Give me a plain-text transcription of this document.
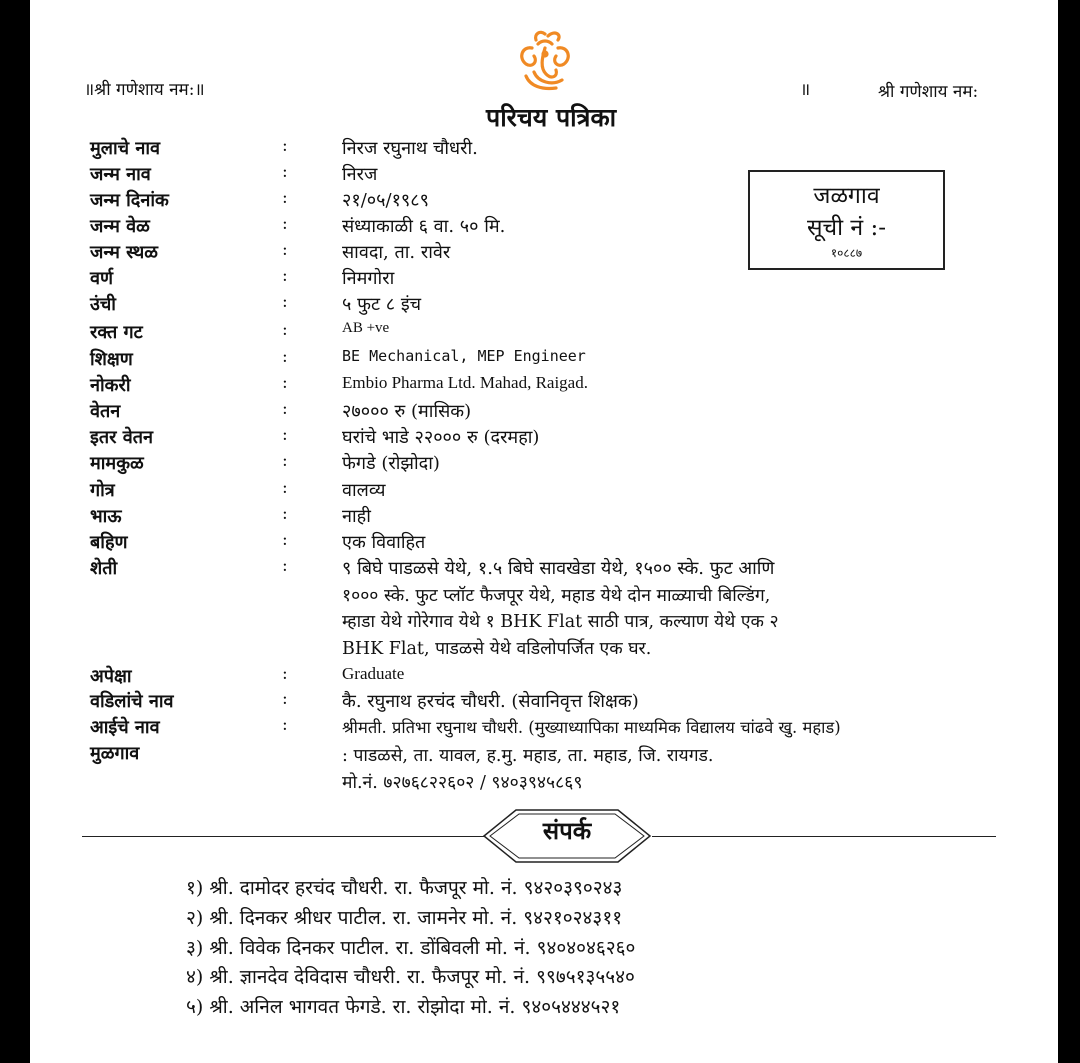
॥श्री गणेशाय नम:॥	॥	श्री गणेशाय नम:
परिचय पत्रिका
जळगाव
सूची नं :-
१०८८७
मुलाचे नाव	:	निरज रघुनाथ चौधरी.
जन्म नाव	:	निरज
जन्म दिनांक	:	२१/०५/१९८९
जन्म वेळ	:	संध्याकाळी ६ वा. ५० मि.
जन्म स्थळ	:	सावदा, ता. रावेर
वर्ण	:	निमगोरा
उंची	:	५ फुट ८ इंच
रक्त गट	:	AB +ve
शिक्षण	:	BE Mechanical, MEP Engineer
नोकरी	:	Embio Pharma Ltd. Mahad, Raigad.
वेतन	:	२७००० रु (मासिक)
इतर वेतन	:	घरांचे भाडे २२००० रु (दरमहा)
मामकुळ	:	फेगडे (रोझोदा)
गोत्र	:	वालव्य
भाऊ	:	नाही
बहिण	:	एक विवाहित
शेती	:	९ बिघे पाडळसे येथे, १.५ बिघे सावखेडा येथे, १५०० स्के. फुट आणि
१००० स्के. फुट प्लॉट फैजपूर येथे, महाड येथे दोन माळ्याची बिल्डिंग,
म्हाडा येथे गोरेगाव येथे १ BHK Flat साठी पात्र, कल्याण येथे एक २
BHK Flat, पाडळसे येथे वडिलोपर्जित एक घर.
अपेक्षा	:	Graduate
वडिलांचे नाव	:	कै. रघुनाथ हरचंद चौधरी. (सेवानिवृत्त शिक्षक)
आईचे नाव	:	श्रीमती. प्रतिभा रघुनाथ चौधरी. (मुख्याध्यापिका माध्यमिक विद्यालय चांढवे खु. महाड)
मुळगाव	: पाडळसे, ता. यावल, ह.मु. महाड, ता. महाड, जि. रायगड.
मो.नं. ७२७६८२२६०२ / ९४०३९४५८६९
संपर्क
१) श्री. दामोदर हरचंद चौधरी. रा. फैजपूर मो. नं. ९४२०३९०२४३
२) श्री. दिनकर श्रीधर पाटील. रा. जामनेर मो. नं. ९४२१०२४३११
३) श्री. विवेक दिनकर पाटील. रा. डोंबिवली मो. नं. ९४०४०४६२६०
४) श्री. ज्ञानदेव देविदास चौधरी. रा. फैजपूर मो. नं. ९९७५१३५५४०
५) श्री. अनिल भागवत फेगडे. रा. रोझोदा मो. नं. ९४०५४४४५२१
